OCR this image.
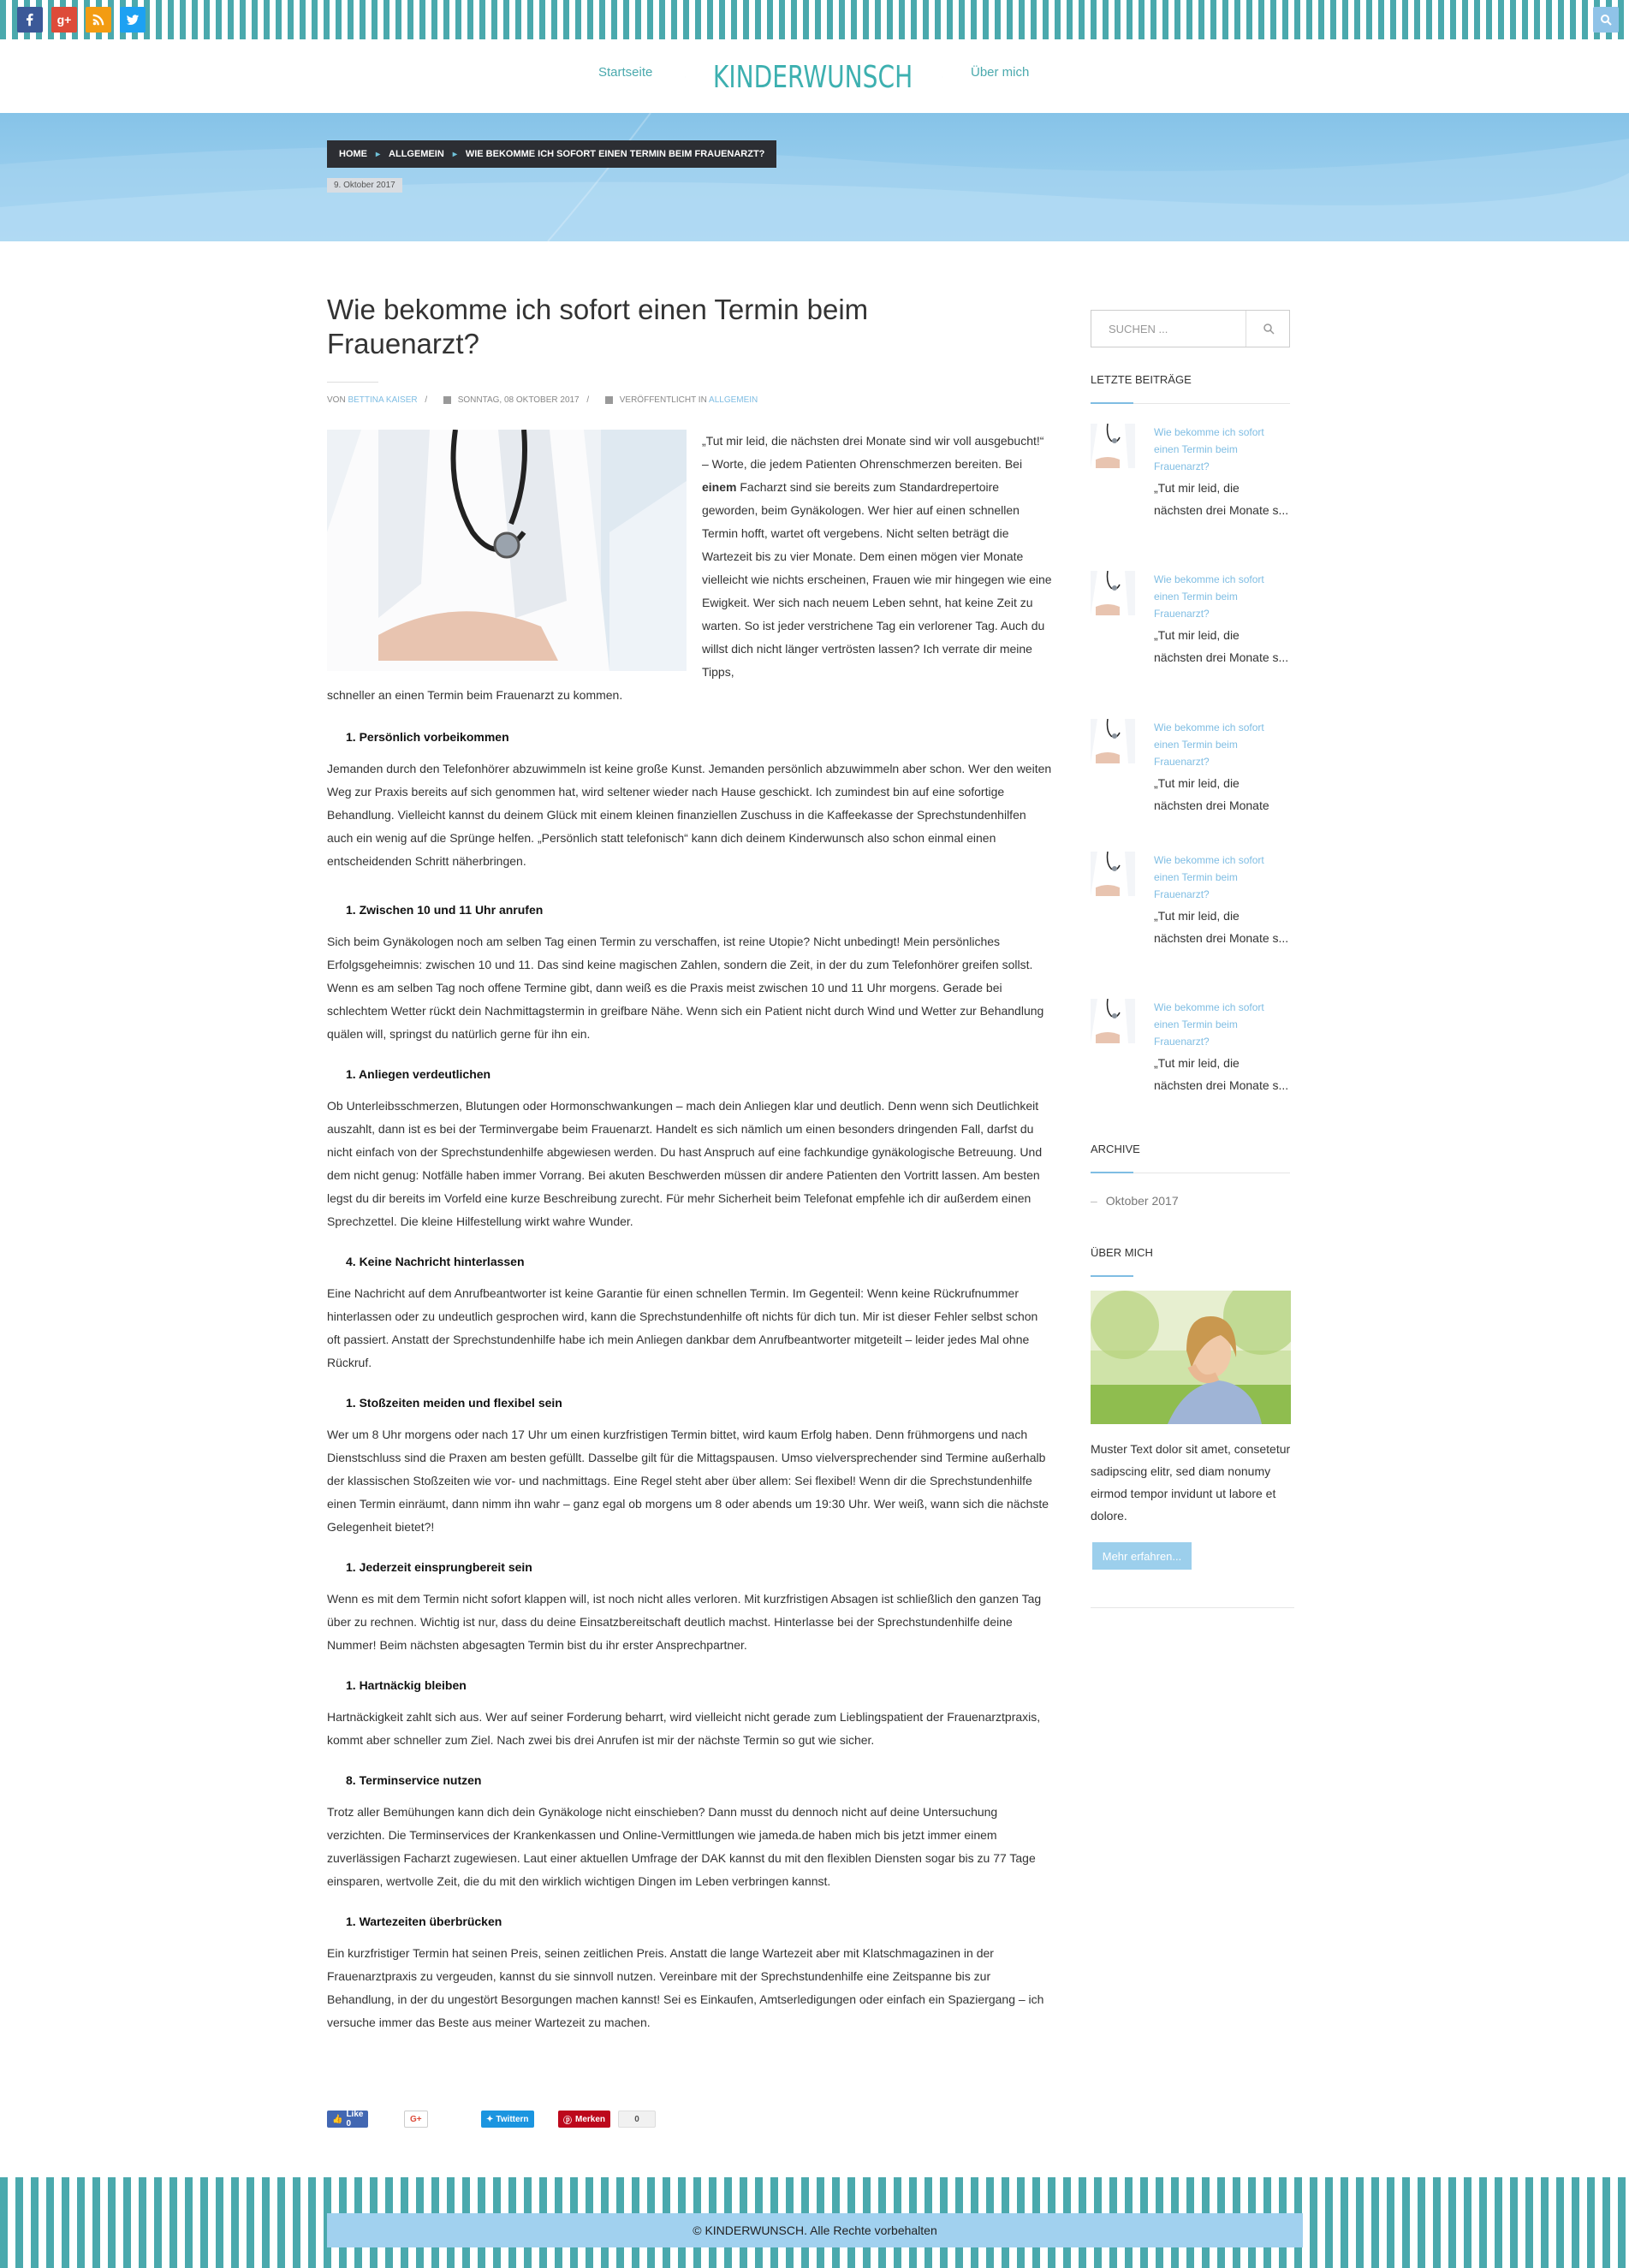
g+
Startseite KINDERWUNSCH	Über mich
HOME ▸ ALLGEMEIN ▸ WIE BEKOMME ICH SOFORT EINEN TERMIN BEIM FRAUENARZT?
9. Oktober 2017
Wie bekomme ich sofort einen Termin beim Frauenarzt?
VON BETTINA KAISER /	SONNTAG, 08 OKTOBER 2017 /	VERÖFFENTLICHT IN ALLGEMEIN

„Tut mir leid, die nächsten drei Monate sind wir voll ausgebucht!“ – Worte, die jedem Patienten Ohrenschmerzen bereiten. Bei einem Facharzt sind sie bereits zum Standardrepertoire geworden, beim Gynäkologen. Wer hier auf einen schnellen Termin hofft, wartet oft vergebens. Nicht selten beträgt die Wartezeit bis zu vier Monate. Dem einen mögen vier Monate vielleicht wie nichts erscheinen, Frauen wie mir hingegen wie eine Ewigkeit. Wer sich nach neuem Leben sehnt, hat keine Zeit zu warten. So ist jeder verstrichene Tag ein verlorener Tag. Auch du willst dich nicht länger vertrösten lassen? Ich verrate dir meine Tipps,

schneller an einen Termin beim Frauenarzt zu kommen.

1. Persönlich vorbeikommen

Jemanden durch den Telefonhörer abzuwimmeln ist keine große Kunst. Jemanden persönlich abzuwimmeln aber schon. Wer den weiten Weg zur Praxis bereits auf sich genommen hat, wird seltener wieder nach Hause geschickt. Ich zumindest bin auf eine sofortige Behandlung. Vielleicht kannst du deinem Glück mit einem kleinen finanziellen Zuschuss in die Kaffeekasse der Sprechstundenhilfen auch ein wenig auf die Sprünge helfen. „Persönlich statt telefonisch“ kann dich deinem Kinderwunsch also schon einmal einen entscheidenden Schritt näherbringen.

1. Zwischen 10 und 11 Uhr anrufen

Sich beim Gynäkologen noch am selben Tag einen Termin zu verschaffen, ist reine Utopie? Nicht unbedingt! Mein persönliches Erfolgsgeheimnis: zwischen 10 und 11. Das sind keine magischen Zahlen, sondern die Zeit, in der du zum Telefonhörer greifen sollst. Wenn es am selben Tag noch offene Termine gibt, dann weiß es die Praxis meist zwischen 10 und 11 Uhr morgens. Gerade bei schlechtem Wetter rückt dein Nachmittagstermin in greifbare Nähe. Wenn sich ein Patient nicht durch Wind und Wetter zur Behandlung quälen will, springst du natürlich gerne für ihn ein.

1. Anliegen verdeutlichen

Ob Unterleibsschmerzen, Blutungen oder Hormonschwankungen – mach dein Anliegen klar und deutlich. Denn wenn sich Deutlichkeit auszahlt, dann ist es bei der Terminvergabe beim Frauenarzt. Handelt es sich nämlich um einen besonders dringenden Fall, darfst du nicht einfach von der Sprechstundenhilfe abgewiesen werden. Du hast Anspruch auf eine fachkundige gynäkologische Betreuung. Und dem nicht genug: Notfälle haben immer Vorrang. Bei akuten Beschwerden müssen dir andere Patienten den Vortritt lassen. Am besten legst du dir bereits im Vorfeld eine kurze Beschreibung zurecht. Für mehr Sicherheit beim Telefonat empfehle ich dir außerdem einen Sprechzettel. Die kleine Hilfestellung wirkt wahre Wunder.

4. Keine Nachricht hinterlassen

Eine Nachricht auf dem Anrufbeantworter ist keine Garantie für einen schnellen Termin. Im Gegenteil: Wenn keine Rückrufnummer hinterlassen oder zu undeutlich gesprochen wird, kann die Sprechstundenhilfe oft nichts für dich tun. Mir ist dieser Fehler selbst schon oft passiert. Anstatt der Sprechstundenhilfe habe ich mein Anliegen dankbar dem Anrufbeantworter mitgeteilt – leider jedes Mal ohne Rückruf.

1. Stoßzeiten meiden und flexibel sein

Wer um 8 Uhr morgens oder nach 17 Uhr um einen kurzfristigen Termin bittet, wird kaum Erfolg haben. Denn frühmorgens und nach Dienstschluss sind die Praxen am besten gefüllt. Dasselbe gilt für die Mittagspausen. Umso vielversprechender sind Termine außerhalb der klassischen Stoßzeiten wie vor- und nachmittags. Eine Regel steht aber über allem: Sei flexibel! Wenn dir die Sprechstundenhilfe einen Termin einräumt, dann nimm ihn wahr – ganz egal ob morgens um 8 oder abends um 19:30 Uhr. Wer weiß, wann sich die nächste Gelegenheit bietet?!

1. Jederzeit einsprungbereit sein

Wenn es mit dem Termin nicht sofort klappen will, ist noch nicht alles verloren. Mit kurzfristigen Absagen ist schließlich den ganzen Tag über zu rechnen. Wichtig ist nur, dass du deine Einsatzbereitschaft deutlich machst. Hinterlasse bei der Sprechstundenhilfe deine Nummer! Beim nächsten abgesagten Termin bist du ihr erster Ansprechpartner.

1. Hartnäckig bleiben

Hartnäckigkeit zahlt sich aus. Wer auf seiner Forderung beharrt, wird vielleicht nicht gerade zum Lieblingspatient der Frauenarztpraxis, kommt aber schneller zum Ziel. Nach zwei bis drei Anrufen ist mir der nächste Termin so gut wie sicher.

8. Terminservice nutzen

Trotz aller Bemühungen kann dich dein Gynäkologe nicht einschieben? Dann musst du dennoch nicht auf deine Untersuchung verzichten. Die Terminservices der Krankenkassen und Online-Vermittlungen wie jameda.de haben mich bis jetzt immer einem zuverlässigen Facharzt zugewiesen. Laut einer aktuellen Umfrage der DAK kannst du mit den flexiblen Diensten sogar bis zu 77 Tage einsparen, wertvolle Zeit, die du mit den wirklich wichtigen Dingen im Leben verbringen kannst.

1. Wartezeiten überbrücken

Ein kurzfristiger Termin hat seinen Preis, seinen zeitlichen Preis. Anstatt die lange Wartezeit aber mit Klatschmagazinen in der Frauenarztpraxis zu vergeuden, kannst du sie sinnvoll nutzen. Vereinbare mit der Sprechstundenhilfe eine Zeitspanne bis zur Behandlung, in der du ungestört Besorgungen machen kannst! Sei es Einkaufen, Amtserledigungen oder einfach ein Spaziergang – ich versuche immer das Beste aus meiner Wartezeit zu machen.

👍 Like 0	G+	✦ Twittern	ⓟ Merken	0
SUCHEN ...
LETZTE BEITRÄGE
Wie bekomme ich sofort einen Termin beim Frauenarzt?
„Tut mir leid, die nächsten drei Monate s...
Wie bekomme ich sofort einen Termin beim Frauenarzt?
„Tut mir leid, die nächsten drei Monate s...
Wie bekomme ich sofort einen Termin beim Frauenarzt?
„Tut mir leid, die nächsten drei Monate
Wie bekomme ich sofort einen Termin beim Frauenarzt?
„Tut mir leid, die nächsten drei Monate s...
Wie bekomme ich sofort einen Termin beim Frauenarzt?
„Tut mir leid, die nächsten drei Monate s...
ARCHIVE
– Oktober 2017
ÜBER MICH
Muster Text dolor sit amet, consetetur sadipscing elitr, sed diam nonumy eirmod tempor invidunt ut labore et dolore.
Mehr erfahren...
© KINDERWUNSCH. Alle Rechte vorbehalten
